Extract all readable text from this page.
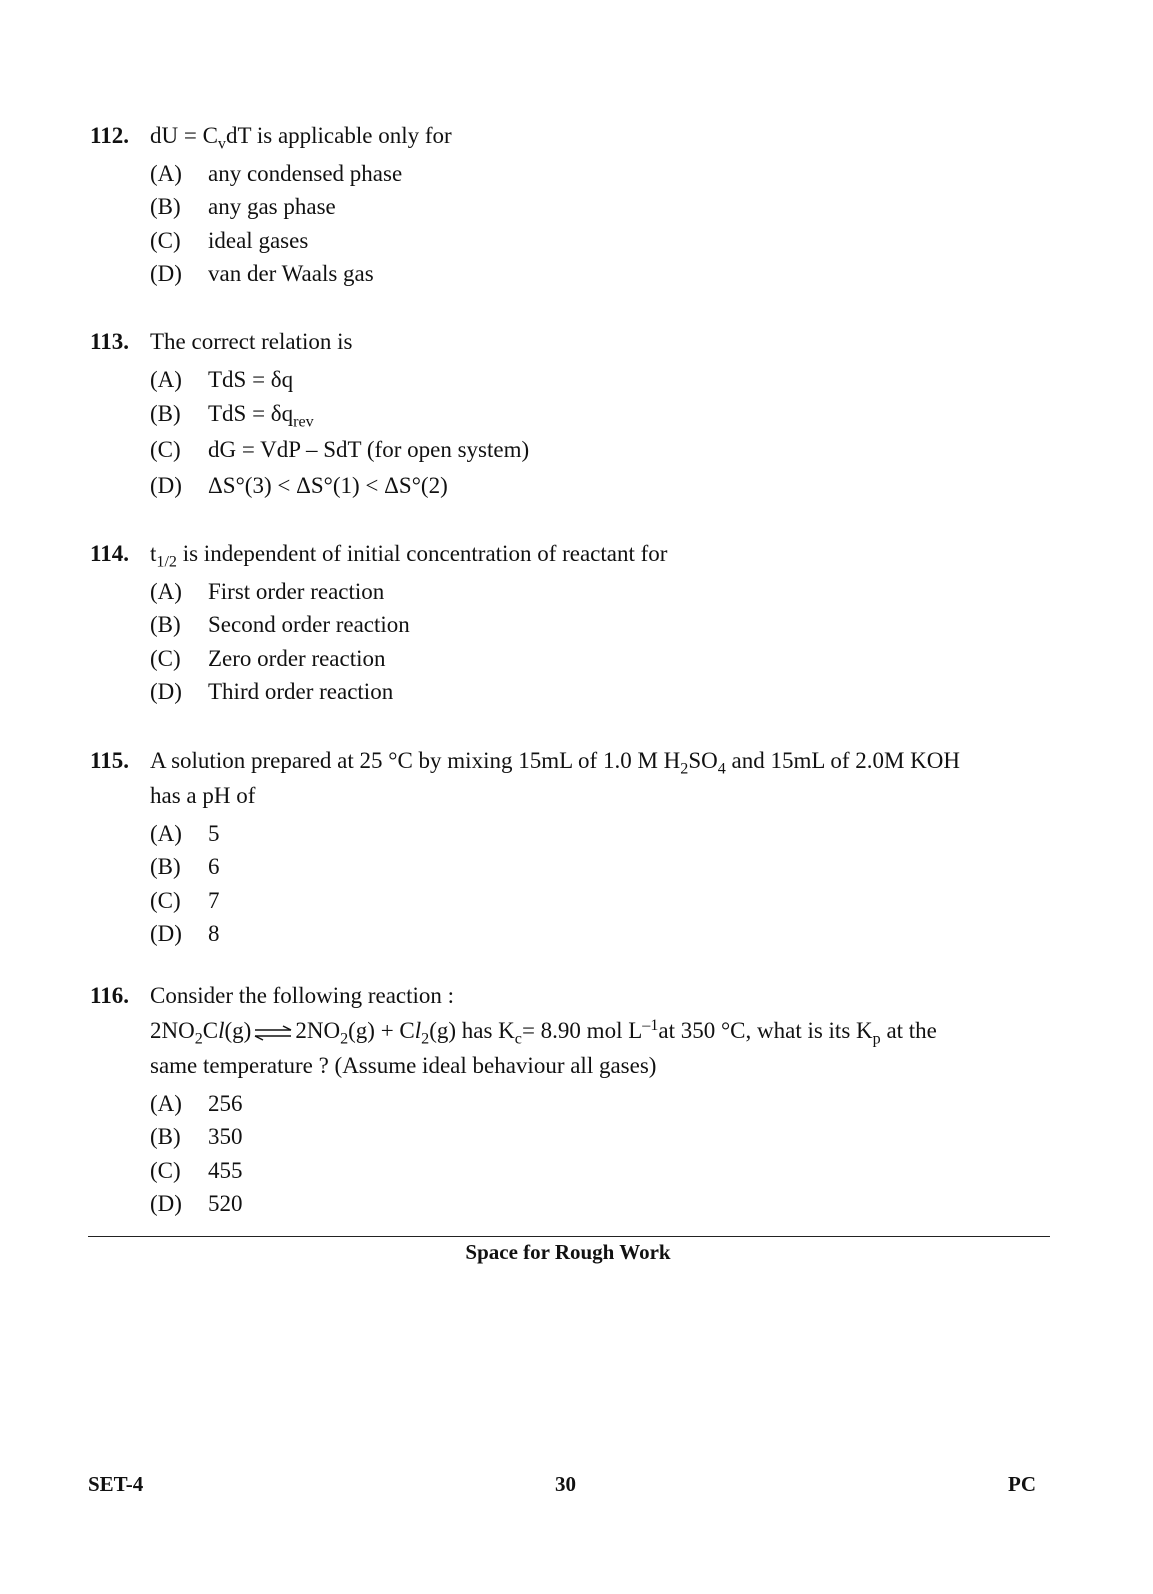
112. dU = $C_vdT$ is applicable only for
(A) any condensed phase
(B) any gas phase
(C) ideal gases
(D) van der Waals gas
113. The correct relation is
(A) TdS = δq
(B) TdS = $\delta q_{rev}$
(C) dG = VdP – SdT (for open system)
(D) ΔS°(3) < ΔS°(1) < ΔS°(2)
114. $t_{1/2}$ is independent of initial concentration of reactant for
(A) First order reaction
(B) Second order reaction
(C) Zero order reaction
(D) Third order reaction
115. A solution prepared at 25 °C by mixing 15mL of 1.0 M $H_2SO_4$ and 15mL of 2.0M KOH
has a pH of
(A) 5
(B) 6
(C) 7
(D) 8
116. Consider the following reaction :
$2NO_2Cl(g)$ ⇌ $2NO_2(g) + Cl_2(g)$ has $K_c= 8.90$ mol $L^{-1}at$ 350 °C, what is its $K_p$ at the
same temperature ? (Assume ideal behaviour all gases)
(A) 256
(B) 350
(C) 455
(D) 520
Space for Rough Work
SET-4	30	PC
